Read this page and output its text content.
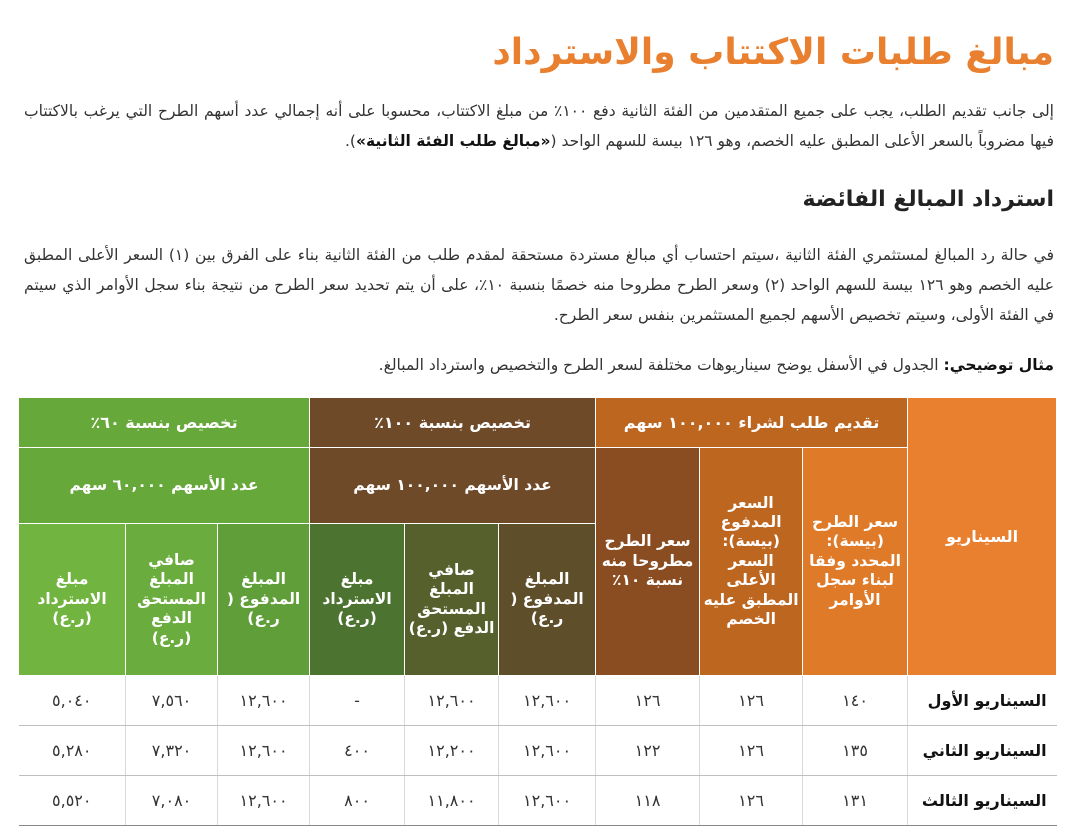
مبالغ طلبات الاكتتاب والاسترداد

إلى جانب تقديم الطلب، يجب على جميع المتقدمين من الفئة الثانية دفع ١٠٠٪ من مبلغ الاكتتاب، محسوبا على أنه إجمالي عدد أسهم الطرح التي يرغب بالاكتتاب فيها مضروباً بالسعر الأعلى المطبق عليه الخصم، وهو ١٢٦ بيسة للسهم الواحد («مبالغ طلب الفئة الثانية»).

استرداد المبالغ الفائضة

في حالة رد المبالغ لمستثمري الفئة الثانية ،سيتم احتساب أي مبالغ مستردة مستحقة لمقدم طلب من الفئة الثانية بناء على الفرق بين (١) السعر الأعلى المطبق عليه الخصم وهو ١٢٦ بيسة للسهم الواحد (٢) وسعر الطرح مطروحا منه خصمًا بنسبة ١٠٪، على أن يتم تحديد سعر الطرح من نتيجة بناء سجل الأوامر الذي سيتم في الفئة الأولى، وسيتم تخصيص الأسهم لجميع المستثمرين بنفس سعر الطرح.

مثال توضيحي: الجدول في الأسفل يوضح سيناريوهات مختلفة لسعر الطرح والتخصيص واسترداد المبالغ.

السيناريو	تقديم طلب لشراء ١٠٠,٠٠٠ سهم			تخصيص بنسبة ١٠٠٪			تخصيص بنسبة ٦٠٪		
	سعر الطرح (بيسة): المحدد وفقا لبناء سجل الأوامر	السعر المدفوع (بيسة): السعر الأعلى المطبق عليه الخصم	سعر الطرح مطروحا منه نسبة ١٠٪	عدد الأسهم ١٠٠,٠٠٠ سهم			عدد الأسهم ٦٠,٠٠٠ سهم		
				المبلغ المدفوع ( ر.ع)	صافي المبلغ المستحق الدفع (ر.ع)	مبلغ الاسترداد (ر.ع)	المبلغ المدفوع ( ر.ع)	صافي المبلغ المستحق الدفع (ر.ع)	مبلغ الاسترداد (ر.ع)
السيناريو الأول	١٤٠	١٢٦	١٢٦	١٢,٦٠٠	١٢,٦٠٠	-	١٢,٦٠٠	٧,٥٦٠	٥,٠٤٠
السيناريو الثاني	١٣٥	١٢٦	١٢٢	١٢,٦٠٠	١٢,٢٠٠	٤٠٠	١٢,٦٠٠	٧,٣٢٠	٥,٢٨٠
السيناريو الثالث	١٣١	١٢٦	١١٨	١٢,٦٠٠	١١,٨٠٠	٨٠٠	١٢,٦٠٠	٧,٠٨٠	٥,٥٢٠
